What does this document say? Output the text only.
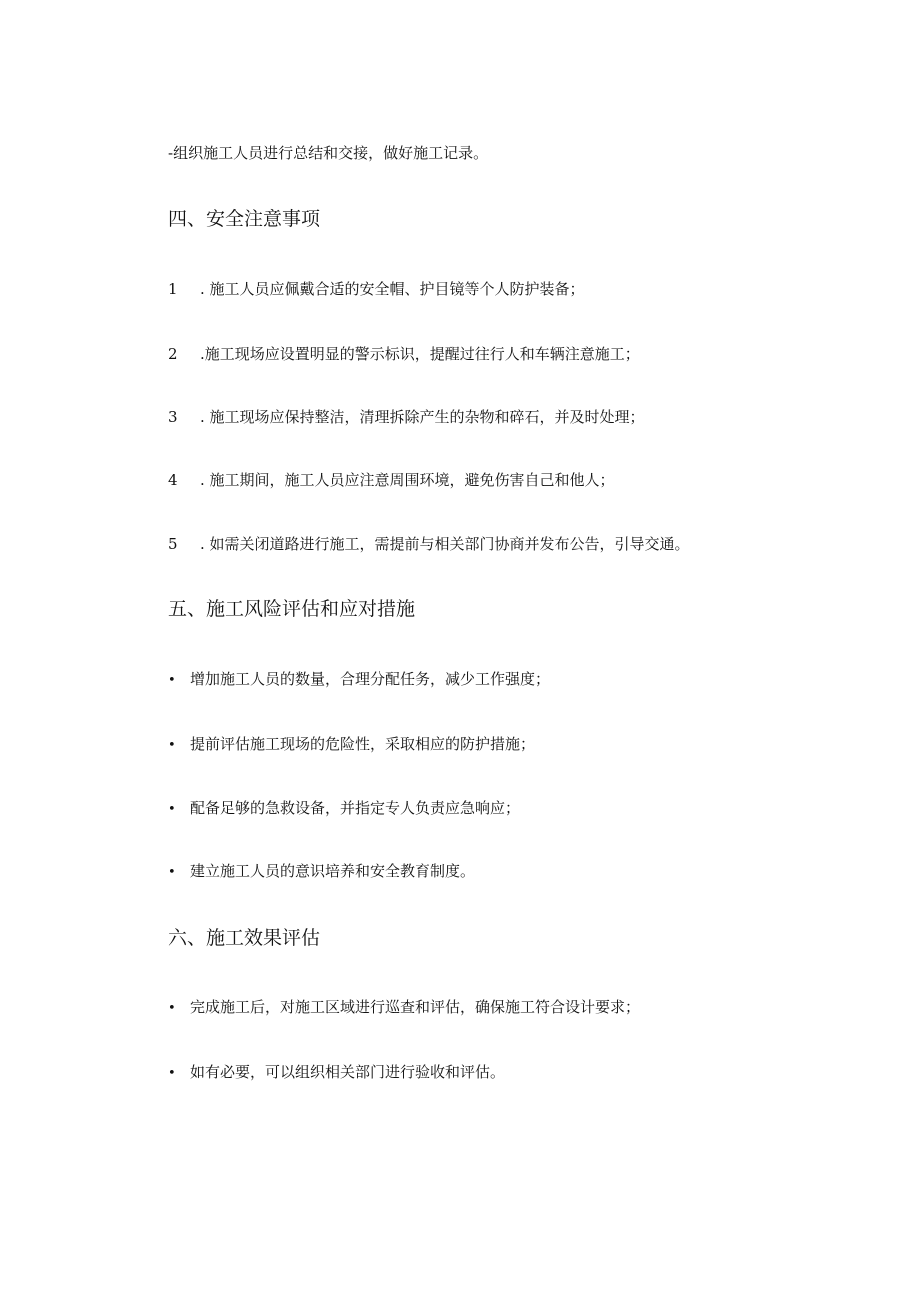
-组织施工人员进行总结和交接，做好施工记录。
四、安全注意事项
1 . 施工人员应佩戴合适的安全帽、护目镜等个人防护装备；
2 .施工现场应设置明显的警示标识，提醒过往行人和车辆注意施工；
3 . 施工现场应保持整洁，清理拆除产生的杂物和碎石，并及时处理；
4 . 施工期间，施工人员应注意周围环境，避免伤害自己和他人；
5 . 如需关闭道路进行施工，需提前与相关部门协商并发布公告，引导交通。
五、施工风险评估和应对措施
• 增加施工人员的数量，合理分配任务，减少工作强度；
• 提前评估施工现场的危险性，采取相应的防护措施；
• 配备足够的急救设备，并指定专人负责应急响应；
• 建立施工人员的意识培养和安全教育制度。
六、施工效果评估
• 完成施工后，对施工区域进行巡查和评估，确保施工符合设计要求；
• 如有必要，可以组织相关部门进行验收和评估。
